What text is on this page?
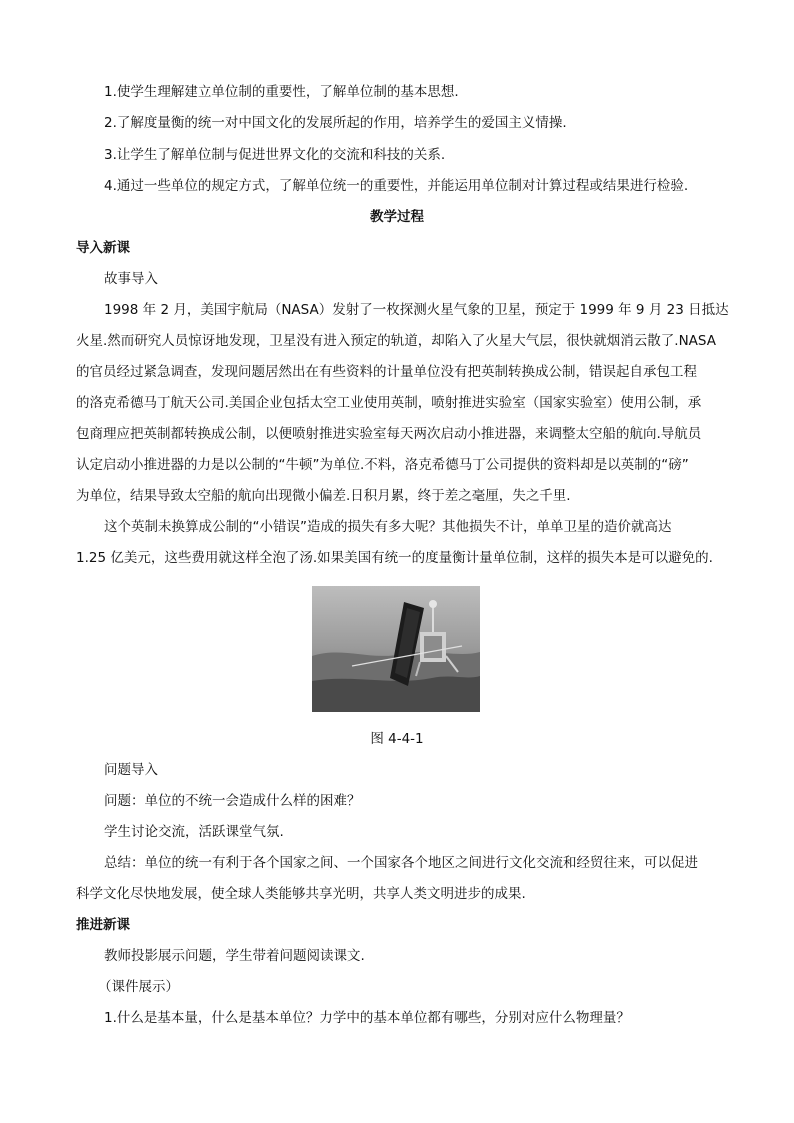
1.使学生理解建立单位制的重要性，了解单位制的基本思想.
2.了解度量衡的统一对中国文化的发展所起的作用，培养学生的爱国主义情操.
3.让学生了解单位制与促进世界文化的交流和科技的关系.
4.通过一些单位的规定方式，了解单位统一的重要性，并能运用单位制对计算过程或结果进行检验.
教学过程
导入新课
故事导入
1998 年 2 月，美国宇航局（NASA）发射了一枚探测火星气象的卫星，预定于 1999 年 9 月 23 日抵达
火星.然而研究人员惊讶地发现，卫星没有进入预定的轨道，却陷入了火星大气层，很快就烟消云散了.NASA
的官员经过紧急调查，发现问题居然出在有些资料的计量单位没有把英制转换成公制，错误起自承包工程
的洛克希德马丁航天公司.美国企业包括太空工业使用英制，喷射推进实验室（国家实验室）使用公制，承
包商理应把英制都转换成公制，以便喷射推进实验室每天两次启动小推进器，来调整太空船的航向.导航员
认定启动小推进器的力是以公制的“牛顿”为单位.不料，洛克希德马丁公司提供的资料却是以英制的“磅”
为单位，结果导致太空船的航向出现微小偏差.日积月累，终于差之毫厘，失之千里.
这个英制未换算成公制的“小错误”造成的损失有多大呢？其他损失不计，单单卫星的造价就高达
1.25 亿美元，这些费用就这样全泡了汤.如果美国有统一的度量衡计量单位制，这样的损失本是可以避免的.
图 4-4-1
问题导入
问题：单位的不统一会造成什么样的困难？
学生讨论交流，活跃课堂气氛.
总结：单位的统一有利于各个国家之间、一个国家各个地区之间进行文化交流和经贸往来，可以促进
科学文化尽快地发展，使全球人类能够共享光明，共享人类文明进步的成果.
推进新课
教师投影展示问题，学生带着问题阅读课文.
（课件展示）
1.什么是基本量，什么是基本单位？力学中的基本单位都有哪些，分别对应什么物理量？
